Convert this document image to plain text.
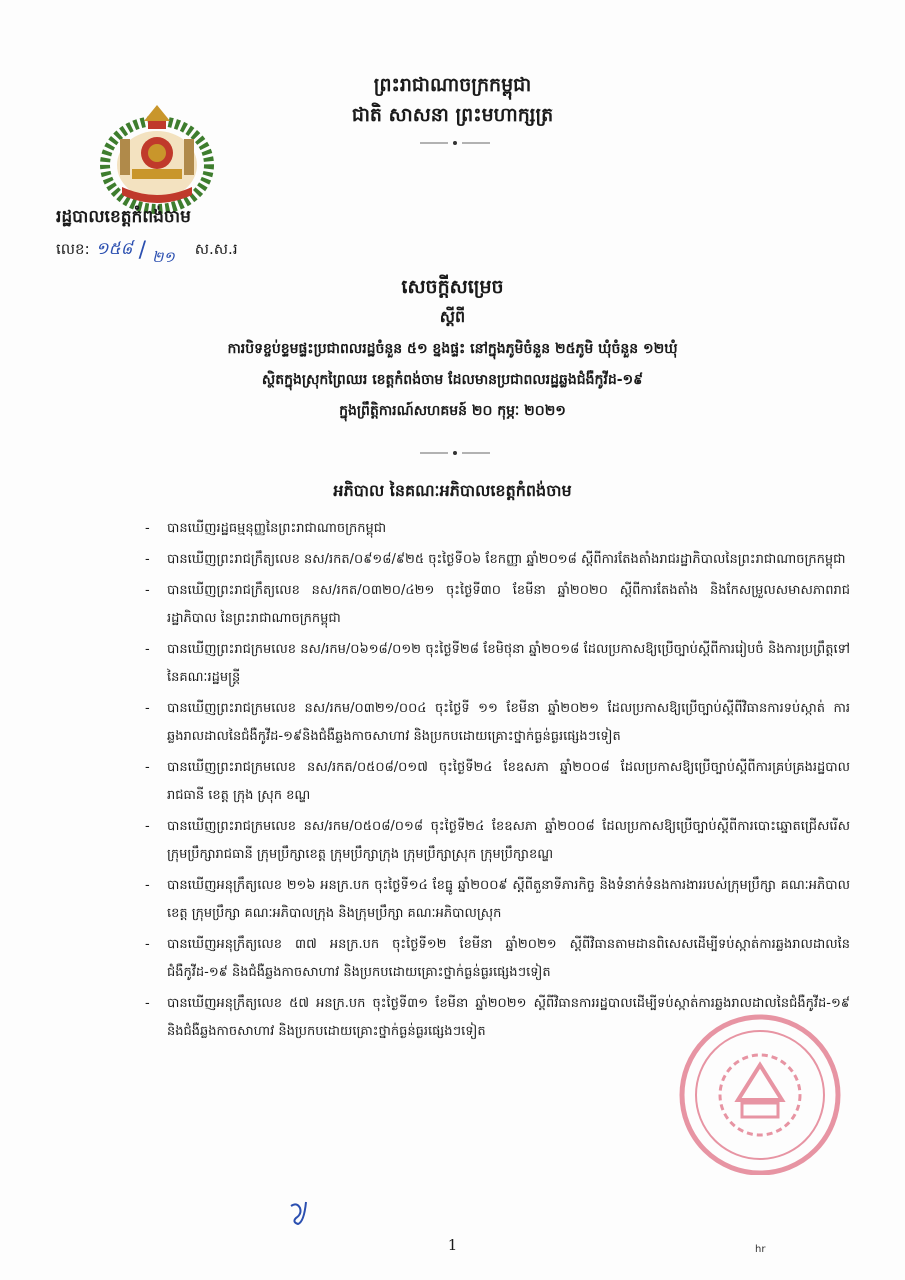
ព្រះរាជាណាចក្រកម្ពុជា
ជាតិ សាសនា ព្រះមហាក្សត្រ
រដ្ឋបាលខេត្តកំពង់ចាម
លេខ: ១៥៨ / ២១ ស.ស.រ
សេចក្តីសម្រេច
ស្តីពី
ការបិទខ្ចប់ខ្ទមផ្ទះប្រជាពលរដ្ឋចំនួន ៥១ ខ្នងផ្ទះ នៅក្នុងភូមិចំនួន ២៥ភូមិ ឃុំចំនួន ១២ឃុំ
ស្ថិតក្នុងស្រុកព្រៃឈរ ខេត្តកំពង់ចាម ដែលមានប្រជាពលរដ្ឋឆ្លងជំងឺកូវីដ-១៩
ក្នុងព្រឹត្តិការណ៍សហគមន៍ ២០ កុម្ភៈ ២០២១
អភិបាល នៃគណៈអភិបាលខេត្តកំពង់ចាម
- បានឃើញរដ្ឋធម្មនុញ្ញនៃព្រះរាជាណាចក្រកម្ពុជា
- បានឃើញព្រះរាជក្រឹត្យលេខ នស/រកត/០៩១៨/៩២៥ ចុះថ្ងៃទី០៦ ខែកញ្ញា ឆ្នាំ២០១៨ ស្តីពីការតែងតាំងរាជរដ្ឋាភិបាលនៃព្រះរាជាណាចក្រកម្ពុជា
- បានឃើញព្រះរាជក្រឹត្យលេខ នស/រកត/០៣២០/៤២១ ចុះថ្ងៃទី៣០ ខែមីនា ឆ្នាំ២០២០ ស្តីពីការតែងតាំង និងកែសម្រួលសមាសភាពរាជរដ្ឋាភិបាល នៃព្រះរាជាណាចក្រកម្ពុជា
- បានឃើញព្រះរាជក្រមលេខ នស/រកម/០៦១៨/០១២ ចុះថ្ងៃទី២៨ ខែមិថុនា ឆ្នាំ២០១៨ ដែលប្រកាសឱ្យប្រើច្បាប់ស្តីពីការរៀបចំ និងការប្រព្រឹត្តទៅនៃគណៈរដ្ឋមន្ត្រី
- បានឃើញព្រះរាជក្រមលេខ នស/រកម/០៣២១/០០៤ ចុះថ្ងៃទី ១១ ខែមីនា ឆ្នាំ២០២១ ដែលប្រកាសឱ្យប្រើច្បាប់ស្តីពីវិធានការទប់ស្កាត់ ការឆ្លងរាលដាលនៃជំងឺកូវីដ-១៩និងជំងឺឆ្លងកាចសាហាវ និងប្រកបដោយគ្រោះថ្នាក់ធ្ងន់ធ្ងរផ្សេងៗទៀត
- បានឃើញព្រះរាជក្រមលេខ នស/រកត/០៥០៨/០១៧ ចុះថ្ងៃទី២៤ ខែឧសភា ឆ្នាំ២០០៨ ដែលប្រកាសឱ្យប្រើច្បាប់ស្តីពីការគ្រប់គ្រងរដ្ឋបាលរាជធានី ខេត្ត ក្រុង ស្រុក ខណ្ឌ
- បានឃើញព្រះរាជក្រមលេខ នស/រកម/០៥០៨/០១៨ ចុះថ្ងៃទី២៤ ខែឧសភា ឆ្នាំ២០០៨ ដែលប្រកាសឱ្យប្រើច្បាប់ស្តីពីការបោះឆ្នោតជ្រើសរើសក្រុមប្រឹក្សារាជធានី ក្រុមប្រឹក្សាខេត្ត ក្រុមប្រឹក្សាក្រុង ក្រុមប្រឹក្សាស្រុក ក្រុមប្រឹក្សាខណ្ឌ
- បានឃើញអនុក្រឹត្យលេខ ២១៦ អនក្រ.បក ចុះថ្ងៃទី១៤ ខែធ្នូ ឆ្នាំ២០០៩ ស្តីពីតួនាទីភារកិច្ច និងទំនាក់ទំនងការងាររបស់ក្រុមប្រឹក្សា គណៈអភិបាលខេត្ត ក្រុមប្រឹក្សា គណៈអភិបាលក្រុង និងក្រុមប្រឹក្សា គណៈអភិបាលស្រុក
- បានឃើញអនុក្រឹត្យលេខ ៣៧ អនក្រ.បក ចុះថ្ងៃទី១២ ខែមីនា ឆ្នាំ២០២១ ស្តីពីវិធានតាមដានពិសេសដើម្បីទប់ស្កាត់ការឆ្លងរាលដាលនៃជំងឺកូវីដ-១៩ និងជំងឺឆ្លងកាចសាហាវ និងប្រកបដោយគ្រោះថ្នាក់ធ្ងន់ធ្ងរផ្សេងៗទៀត
- បានឃើញអនុក្រឹត្យលេខ ៥៧ អនក្រ.បក ចុះថ្ងៃទី៣១ ខែមីនា ឆ្នាំ២០២១ ស្តីពីវិធានការរដ្ឋបាលដើម្បីទប់ស្កាត់ការឆ្លងរាលដាលនៃជំងឺកូវីដ-១៩ និងជំងឺឆ្លងកាចសាហាវ និងប្រកបដោយគ្រោះថ្នាក់ធ្ងន់ធ្ងរផ្សេងៗទៀត
1	hr
